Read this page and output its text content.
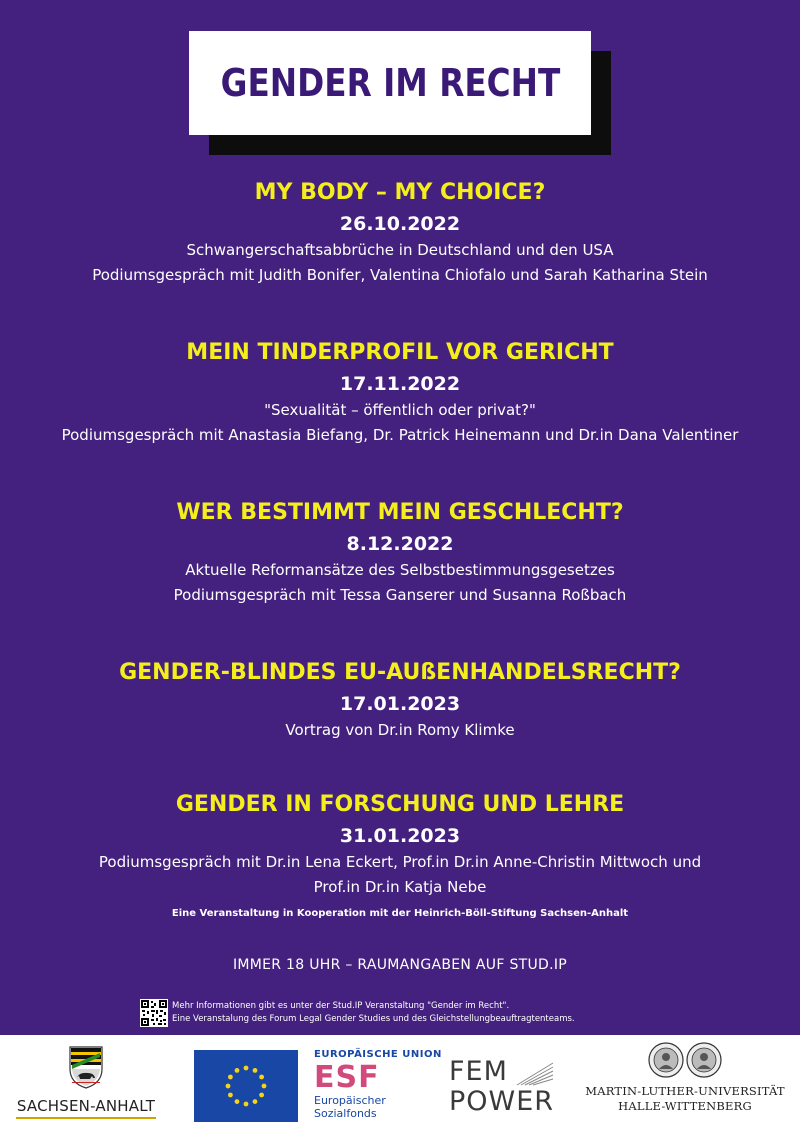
GENDER IM RECHT
MY BODY – MY CHOICE?
26.10.2022
Schwangerschaftsabbrüche in Deutschland und den USA
Podiumsgespräch mit Judith Bonifer, Valentina Chiofalo und Sarah Katharina Stein
MEIN TINDERPROFIL VOR GERICHT
17.11.2022
"Sexualität – öffentlich oder privat?"
Podiumsgespräch mit Anastasia Biefang, Dr. Patrick Heinemann und Dr.in Dana Valentiner
WER BESTIMMT MEIN GESCHLECHT?
8.12.2022
Aktuelle Reformansätze des Selbstbestimmungsgesetzes
Podiumsgespräch mit Tessa Ganserer und Susanna Roßbach
GENDER-BLINDES EU-AUßENHANDELSRECHT?
17.01.2023
Vortrag von Dr.in Romy Klimke
GENDER IN FORSCHUNG UND LEHRE
31.01.2023
Podiumsgespräch mit Dr.in Lena Eckert, Prof.in Dr.in Anne-Christin Mittwoch und
Prof.in Dr.in Katja Nebe
Eine Veranstaltung in Kooperation mit der Heinrich-Böll-Stiftung Sachsen-Anhalt
IMMER 18 UHR – RAUMANGABEN AUF STUD.IP
Mehr Informationen gibt es unter der Stud.IP Veranstaltung "Gender im Recht".
Eine Veranstalung des Forum Legal Gender Studies und des Gleichstellungbeauftragtenteams.
SACHSEN-ANHALT
EUROPÄISCHE UNION
ESF
Europäischer
Sozialfonds
FEM
POWER	MARTIN-LUTHER-UNIVERSITÄT
HALLE-WITTENBERG
